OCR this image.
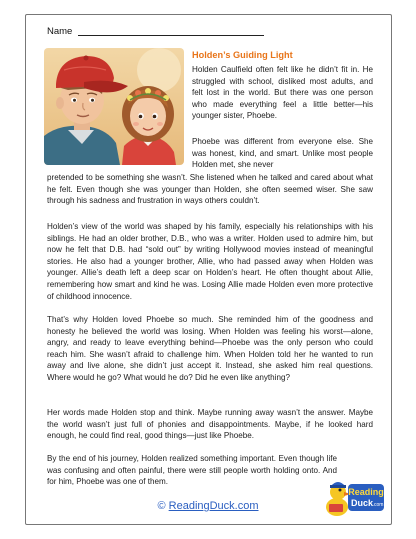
Name
Holden’s Guiding Light
Holden Caulfield often felt like he didn’t fit in. He struggled with school, disliked most adults, and felt lost in the world. But there was one person who made everything feel a little better—his younger sister, Phoebe.
Phoebe was different from everyone else. She was honest, kind, and smart. Unlike most people Holden met, she never
pretended to be something she wasn’t. She listened when he talked and cared about what he felt. Even though she was younger than Holden, she often seemed wiser. She saw through his sadness and frustration in ways others couldn’t.
Holden’s view of the world was shaped by his family, especially his relationships with his siblings. He had an older brother, D.B., who was a writer. Holden used to admire him, but now he felt that D.B. had “sold out” by writing Hollywood movies instead of meaningful stories. He also had a younger brother, Allie, who had passed away when Holden was younger. Allie’s death left a deep scar on Holden’s heart. He often thought about Allie, remembering how smart and kind he was. Losing Allie made Holden even more protective of childhood innocence.
That’s why Holden loved Phoebe so much. She reminded him of the goodness and honesty he believed the world was losing. When Holden was feeling his worst—alone, angry, and ready to leave everything behind—Phoebe was the only person who could reach him. She wasn’t afraid to challenge him. When Holden told her he wanted to run away and live alone, she didn’t just accept it. Instead, she asked him real questions. Where would he go? What would he do? Did he even like anything?
Her words made Holden stop and think. Maybe running away wasn’t the answer. Maybe the world wasn’t just full of phonies and disappointments. Maybe, if he looked hard enough, he could find real, good things—just like Phoebe.
By the end of his journey, Holden realized something important. Even though life was confusing and often painful, there were still people worth holding onto. And for him, Phoebe was one of them.
© ReadingDuck.com
Reading
Duck .com
